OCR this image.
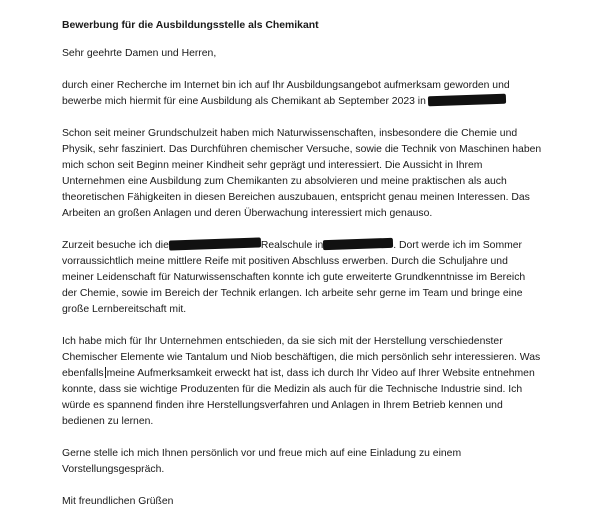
Bewerbung für die Ausbildungsstelle als Chemikant
Sehr geehrte Damen und Herren,
durch einer Recherche im Internet bin ich auf Ihr Ausbildungsangebot aufmerksam geworden und
bewerbe mich hiermit für eine Ausbildung als Chemikant ab September 2023 in
Schon seit meiner Grundschulzeit haben mich Naturwissenschaften, insbesondere die Chemie und
Physik, sehr fasziniert. Das Durchführen chemischer Versuche, sowie die Technik von Maschinen haben
mich schon seit Beginn meiner Kindheit sehr geprägt und interessiert. Die Aussicht in Ihrem
Unternehmen eine Ausbildung zum Chemikanten zu absolvieren und meine praktischen als auch
theoretischen Fähigkeiten in diesen Bereichen auszubauen, entspricht genau meinen Interessen. Das
Arbeiten an großen Anlagen und deren Überwachung interessiert mich genauso.
Zurzeit besuche ich die	Realschule in	. Dort werde ich im Sommer
vorraussichtlich meine mittlere Reife mit positiven Abschluss erwerben. Durch die Schuljahre und
meiner Leidenschaft für Naturwissenschaften konnte ich gute erweiterte Grundkenntnisse im Bereich
der Chemie, sowie im Bereich der Technik erlangen. Ich arbeite sehr gerne im Team und bringe eine
große Lernbereitschaft mit.
Ich habe mich für Ihr Unternehmen entschieden, da sie sich mit der Herstellung verschiedenster
Chemischer Elemente wie Tantalum und Niob beschäftigen, die mich persönlich sehr interessieren. Was
ebenfalls meine Aufmerksamkeit erweckt hat ist, dass ich durch Ihr Video auf Ihrer Website entnehmen
konnte, dass sie wichtige Produzenten für die Medizin als auch für die Technische Industrie sind. Ich
würde es spannend finden ihre Herstellungsverfahren und Anlagen in Ihrem Betrieb kennen und
bedienen zu lernen.
Gerne stelle ich mich Ihnen persönlich vor und freue mich auf eine Einladung zu einem
Vorstellungsgespräch.
Mit freundlichen Grüßen
